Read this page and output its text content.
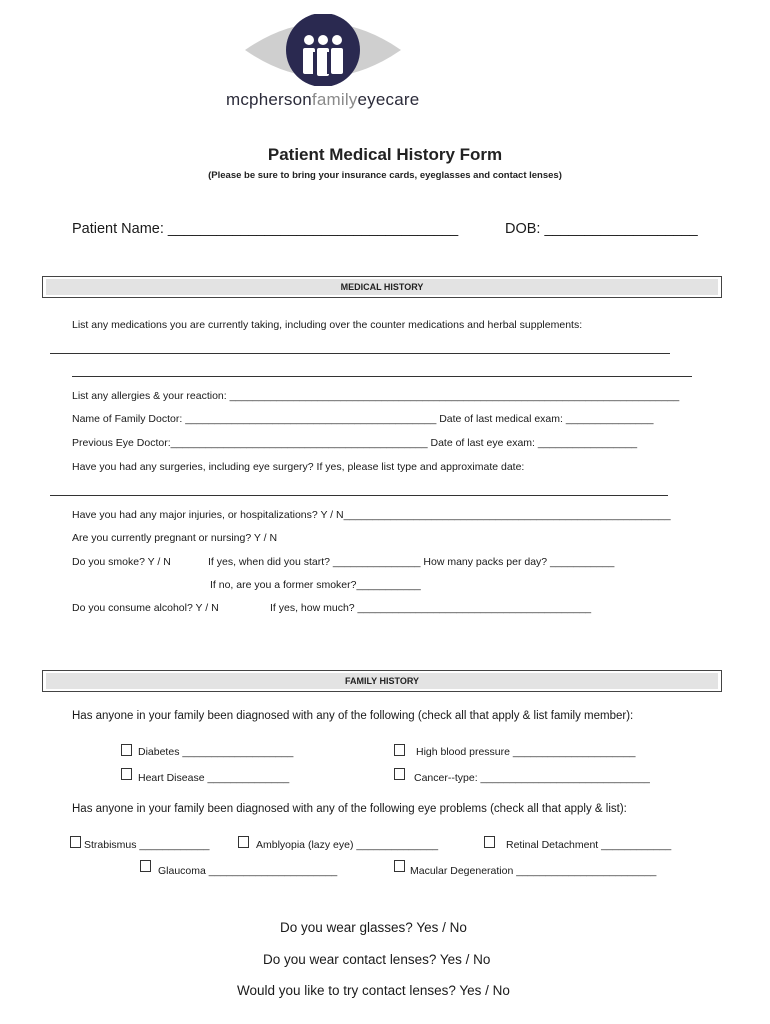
mcphersonfamilyeyecare
Patient Medical History Form
(Please be sure to bring your insurance cards, eyeglasses and contact lenses)
Patient Name: ____________________________________	DOB: ___________________
MEDICAL HISTORY
List any medications you are currently taking, including over the counter medications and herbal supplements:
List any allergies & your reaction: _____________________________________________________________________________
Name of Family Doctor: ___________________________________________ Date of last medical exam: _______________
Previous Eye Doctor:____________________________________________ Date of last eye exam: _________________
Have you had any surgeries, including eye surgery? If yes, please list type and approximate date:
Have you had any major injuries, or hospitalizations? Y / N________________________________________________________
Are you currently pregnant or nursing? Y / N
Do you smoke? Y / N	If yes, when did you start? _______________ How many packs per day? ___________
If no, are you a former smoker?___________
Do you consume alcohol? Y / N	If yes, how much? ________________________________________
FAMILY HISTORY
Has anyone in your family been diagnosed with any of the following (check all that apply & list family member):
Diabetes ___________________	High blood pressure _____________________
Heart Disease ______________	Cancer--type: _____________________________
Has anyone in your family been diagnosed with any of the following eye problems (check all that apply & list):
Strabismus ____________	Amblyopia (lazy eye) ______________	Retinal Detachment ____________
Glaucoma ______________________	Macular Degeneration ________________________
Do you wear glasses? Yes / No
Do you wear contact lenses? Yes / No
Would you like to try contact lenses? Yes / No
